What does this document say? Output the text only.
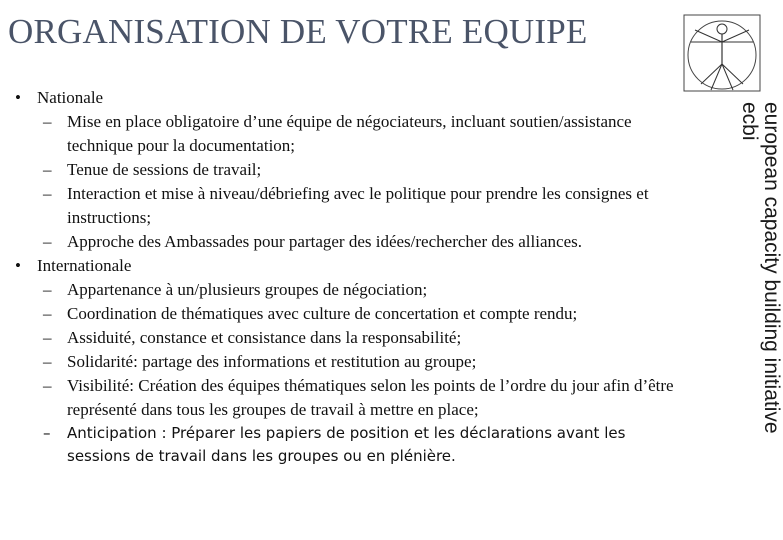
ORGANISATION DE VOTRE EQUIPE
european capacity building initiative
ecbi
• Nationale
– Mise en place obligatoire d’une équipe de négociateurs, incluant soutien/assistance technique pour la documentation;
– Tenue de sessions de travail;
– Interaction et mise à niveau/débriefing avec le politique pour prendre les consignes et instructions;
– Approche des Ambassades pour partager des idées/rechercher des alliances.
• Internationale
– Appartenance à un/plusieurs groupes de négociation;
– Coordination de thématiques avec culture de concertation et compte rendu;
– Assiduité, constance et consistance dans la responsabilité;
– Solidarité: partage des informations et restitution au groupe;
– Visibilité: Création des équipes thématiques selon les points de l’ordre du jour afin d’être représenté dans tous les groupes de travail à mettre en place;
–	Anticipation : Préparer les papiers de position et les déclarations avant les sessions de travail dans les groupes ou en plénière.
